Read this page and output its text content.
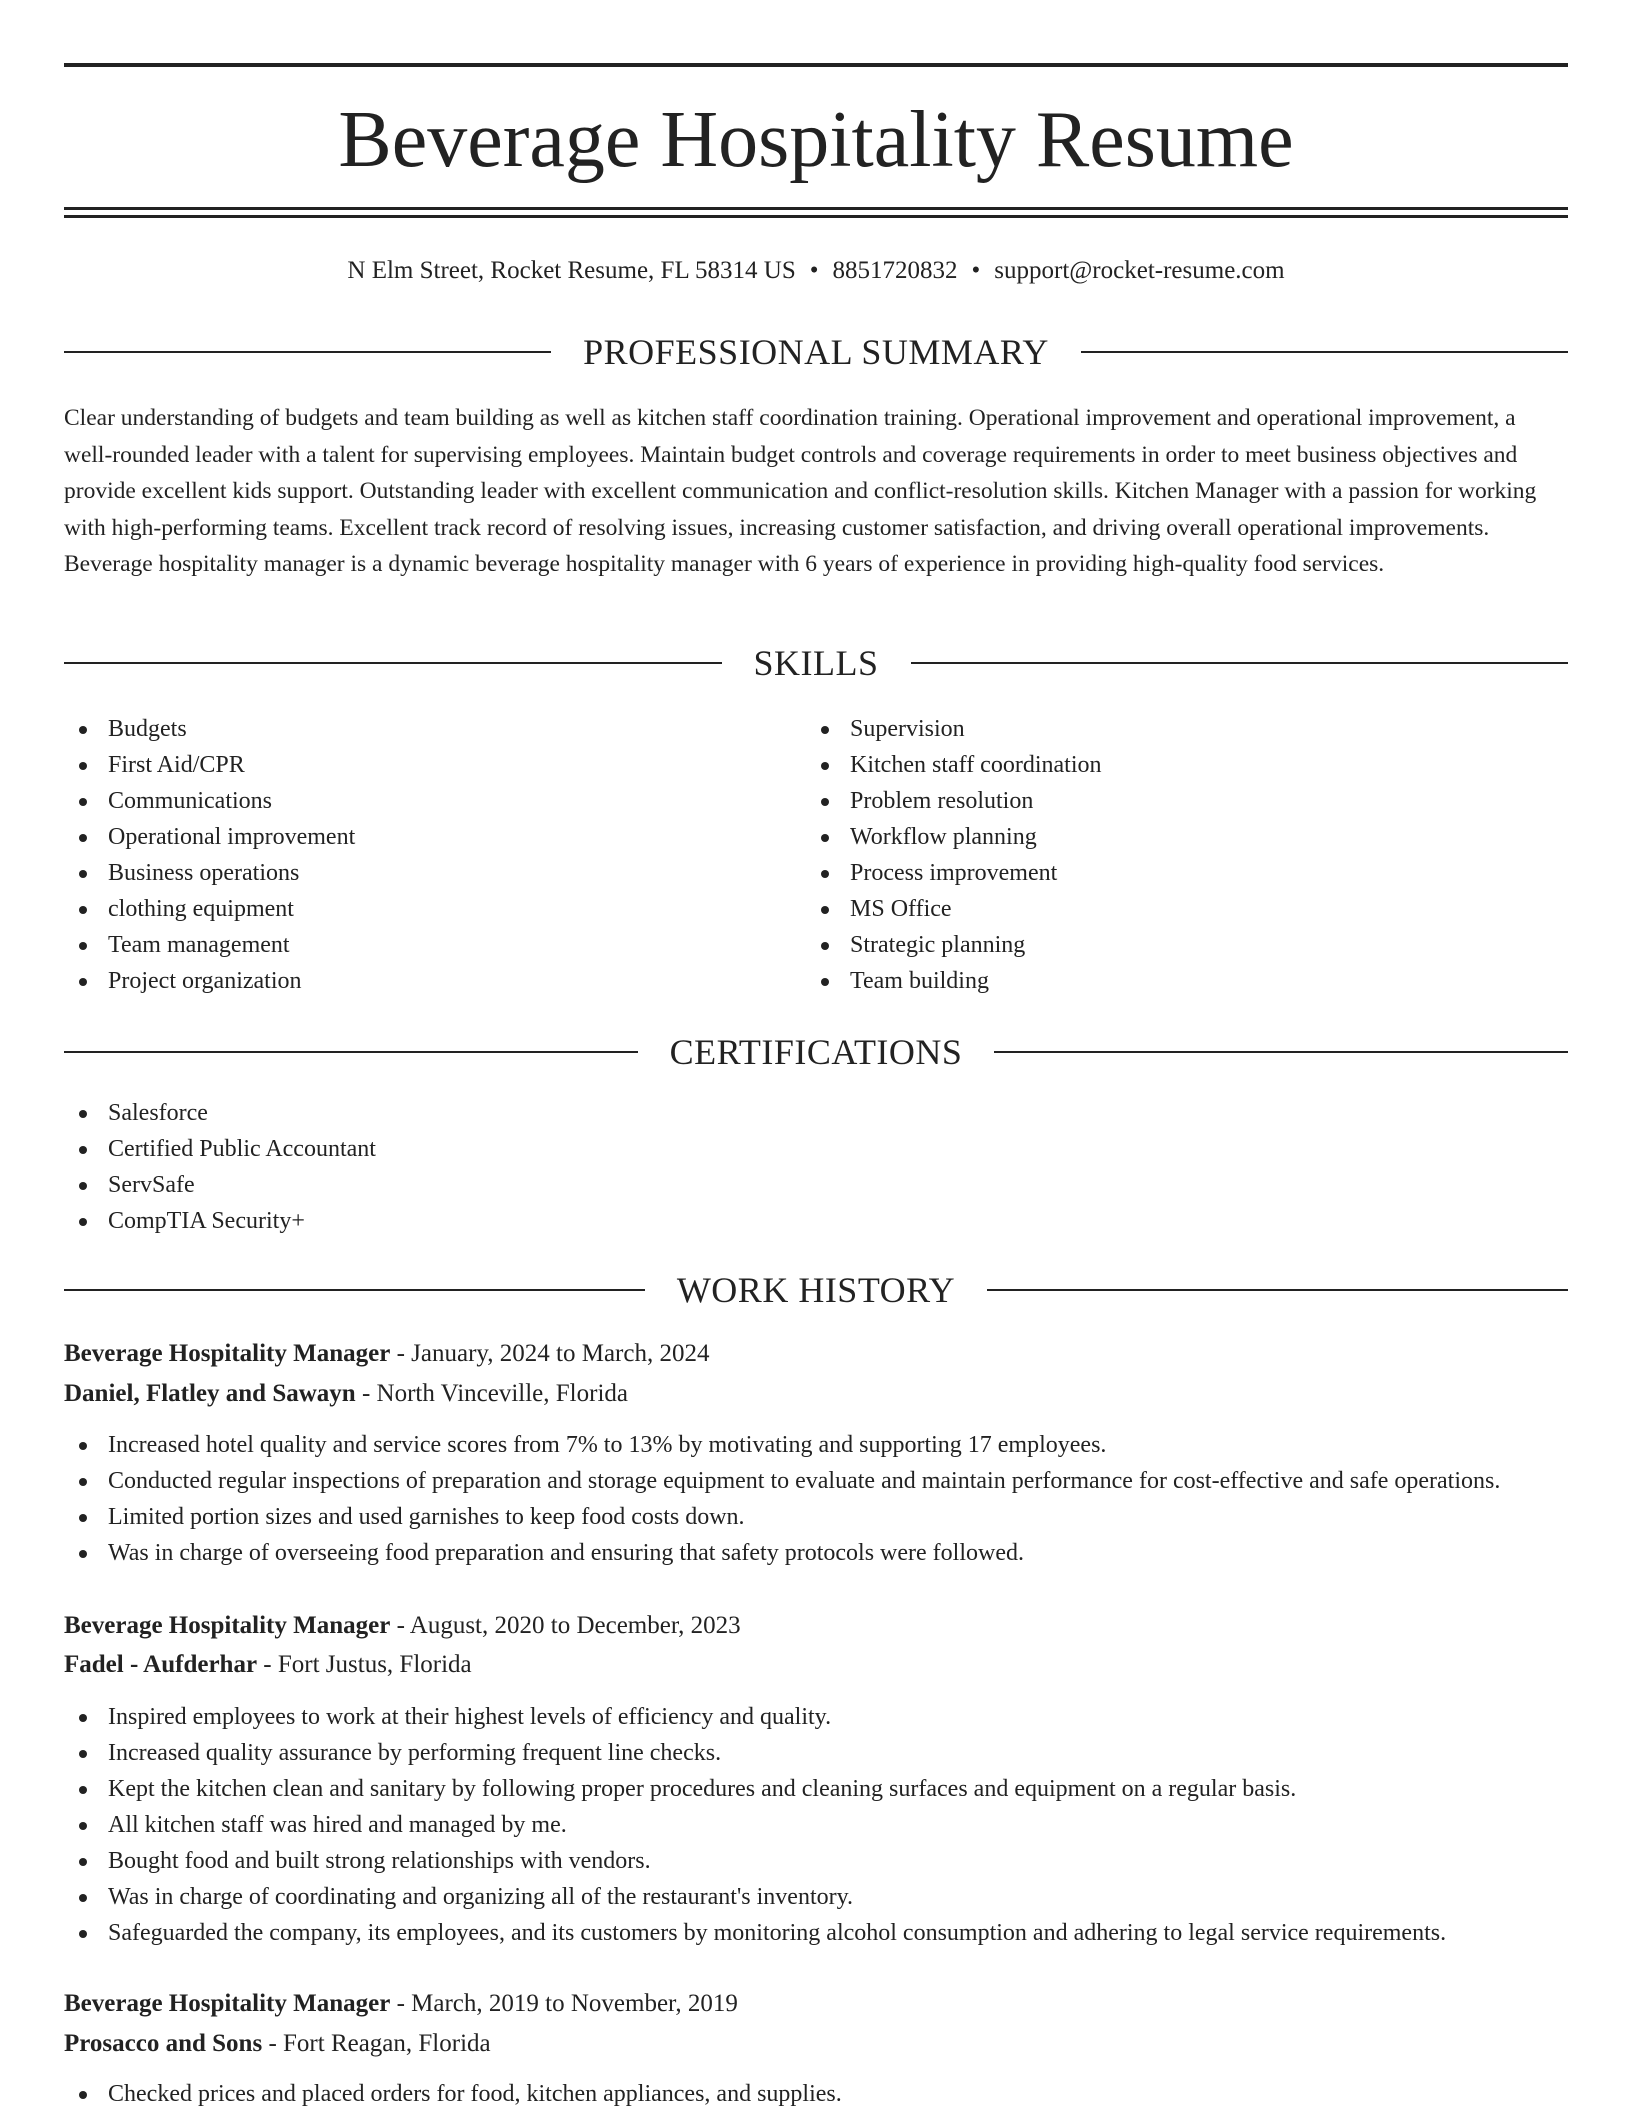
Beverage Hospitality Resume
N Elm Street, Rocket Resume, FL 58314 US • 8851720832 • support@rocket-resume.com
PROFESSIONAL SUMMARY

Clear understanding of budgets and team building as well as kitchen staff coordination training. Operational improvement and operational improvement, a well-rounded leader with a talent for supervising employees. Maintain budget controls and coverage requirements in order to meet business objectives and provide excellent kids support. Outstanding leader with excellent communication and conflict-resolution skills. Kitchen Manager with a passion for working with high-performing teams. Excellent track record of resolving issues, increasing customer satisfaction, and driving overall operational improvements. Beverage hospitality manager is a dynamic beverage hospitality manager with 6 years of experience in providing high-quality food services.

SKILLS
Budgets
First Aid/CPR
Communications
Operational improvement
Business operations
clothing equipment
Team management
Project organization
Supervision
Kitchen staff coordination
Problem resolution
Workflow planning
Process improvement
MS Office
Strategic planning
Team building
CERTIFICATIONS
Salesforce
Certified Public Accountant
ServSafe
CompTIA Security+
WORK HISTORY
Beverage Hospitality Manager - January, 2024 to March, 2024
Daniel, Flatley and Sawayn - North Vinceville, Florida
Increased hotel quality and service scores from 7% to 13% by motivating and supporting 17 employees.
Conducted regular inspections of preparation and storage equipment to evaluate and maintain performance for cost-effective and safe operations.
Limited portion sizes and used garnishes to keep food costs down.
Was in charge of overseeing food preparation and ensuring that safety protocols were followed.
Beverage Hospitality Manager - August, 2020 to December, 2023
Fadel - Aufderhar - Fort Justus, Florida
Inspired employees to work at their highest levels of efficiency and quality.
Increased quality assurance by performing frequent line checks.
Kept the kitchen clean and sanitary by following proper procedures and cleaning surfaces and equipment on a regular basis.
All kitchen staff was hired and managed by me.
Bought food and built strong relationships with vendors.
Was in charge of coordinating and organizing all of the restaurant's inventory.
Safeguarded the company, its employees, and its customers by monitoring alcohol consumption and adhering to legal service requirements.
Beverage Hospitality Manager - March, 2019 to November, 2019
Prosacco and Sons - Fort Reagan, Florida
Checked prices and placed orders for food, kitchen appliances, and supplies.
